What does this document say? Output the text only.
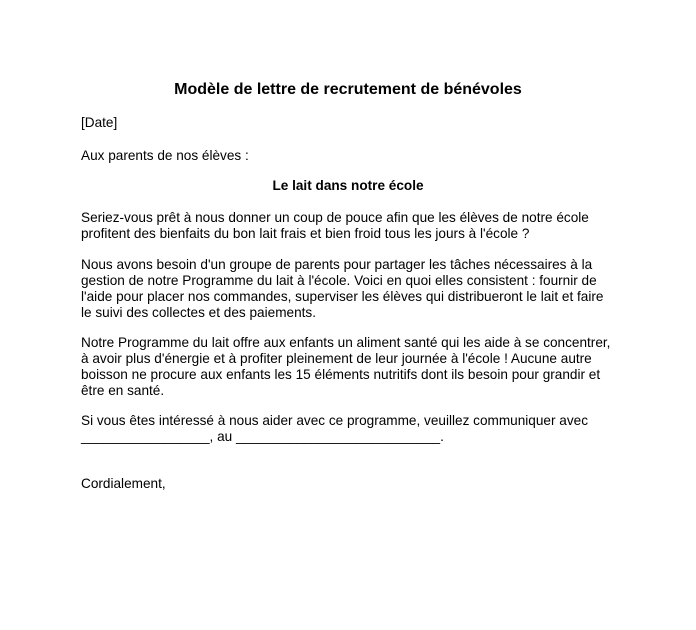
Modèle de lettre de recrutement de bénévoles
[Date]
Aux parents de nos élèves :
Le lait dans notre école
Seriez-vous prêt à nous donner un coup de pouce afin que les élèves de notre école
profitent des bienfaits du bon lait frais et bien froid tous les jours à l'école ?
Nous avons besoin d'un groupe de parents pour partager les tâches nécessaires à la
gestion de notre Programme du lait à l'école. Voici en quoi elles consistent : fournir de
l'aide pour placer nos commandes, superviser les élèves qui distribueront le lait et faire
le suivi des collectes et des paiements.
Notre Programme du lait offre aux enfants un aliment santé qui les aide à se concentrer,
à avoir plus d'énergie et à profiter pleinement de leur journée à l'école ! Aucune autre
boisson ne procure aux enfants les 15 éléments nutritifs dont ils besoin pour grandir et
être en santé.
Si vous êtes intéressé à nous aider avec ce programme, veuillez communiquer avec
_________________, au ___________________________.
Cordialement,
